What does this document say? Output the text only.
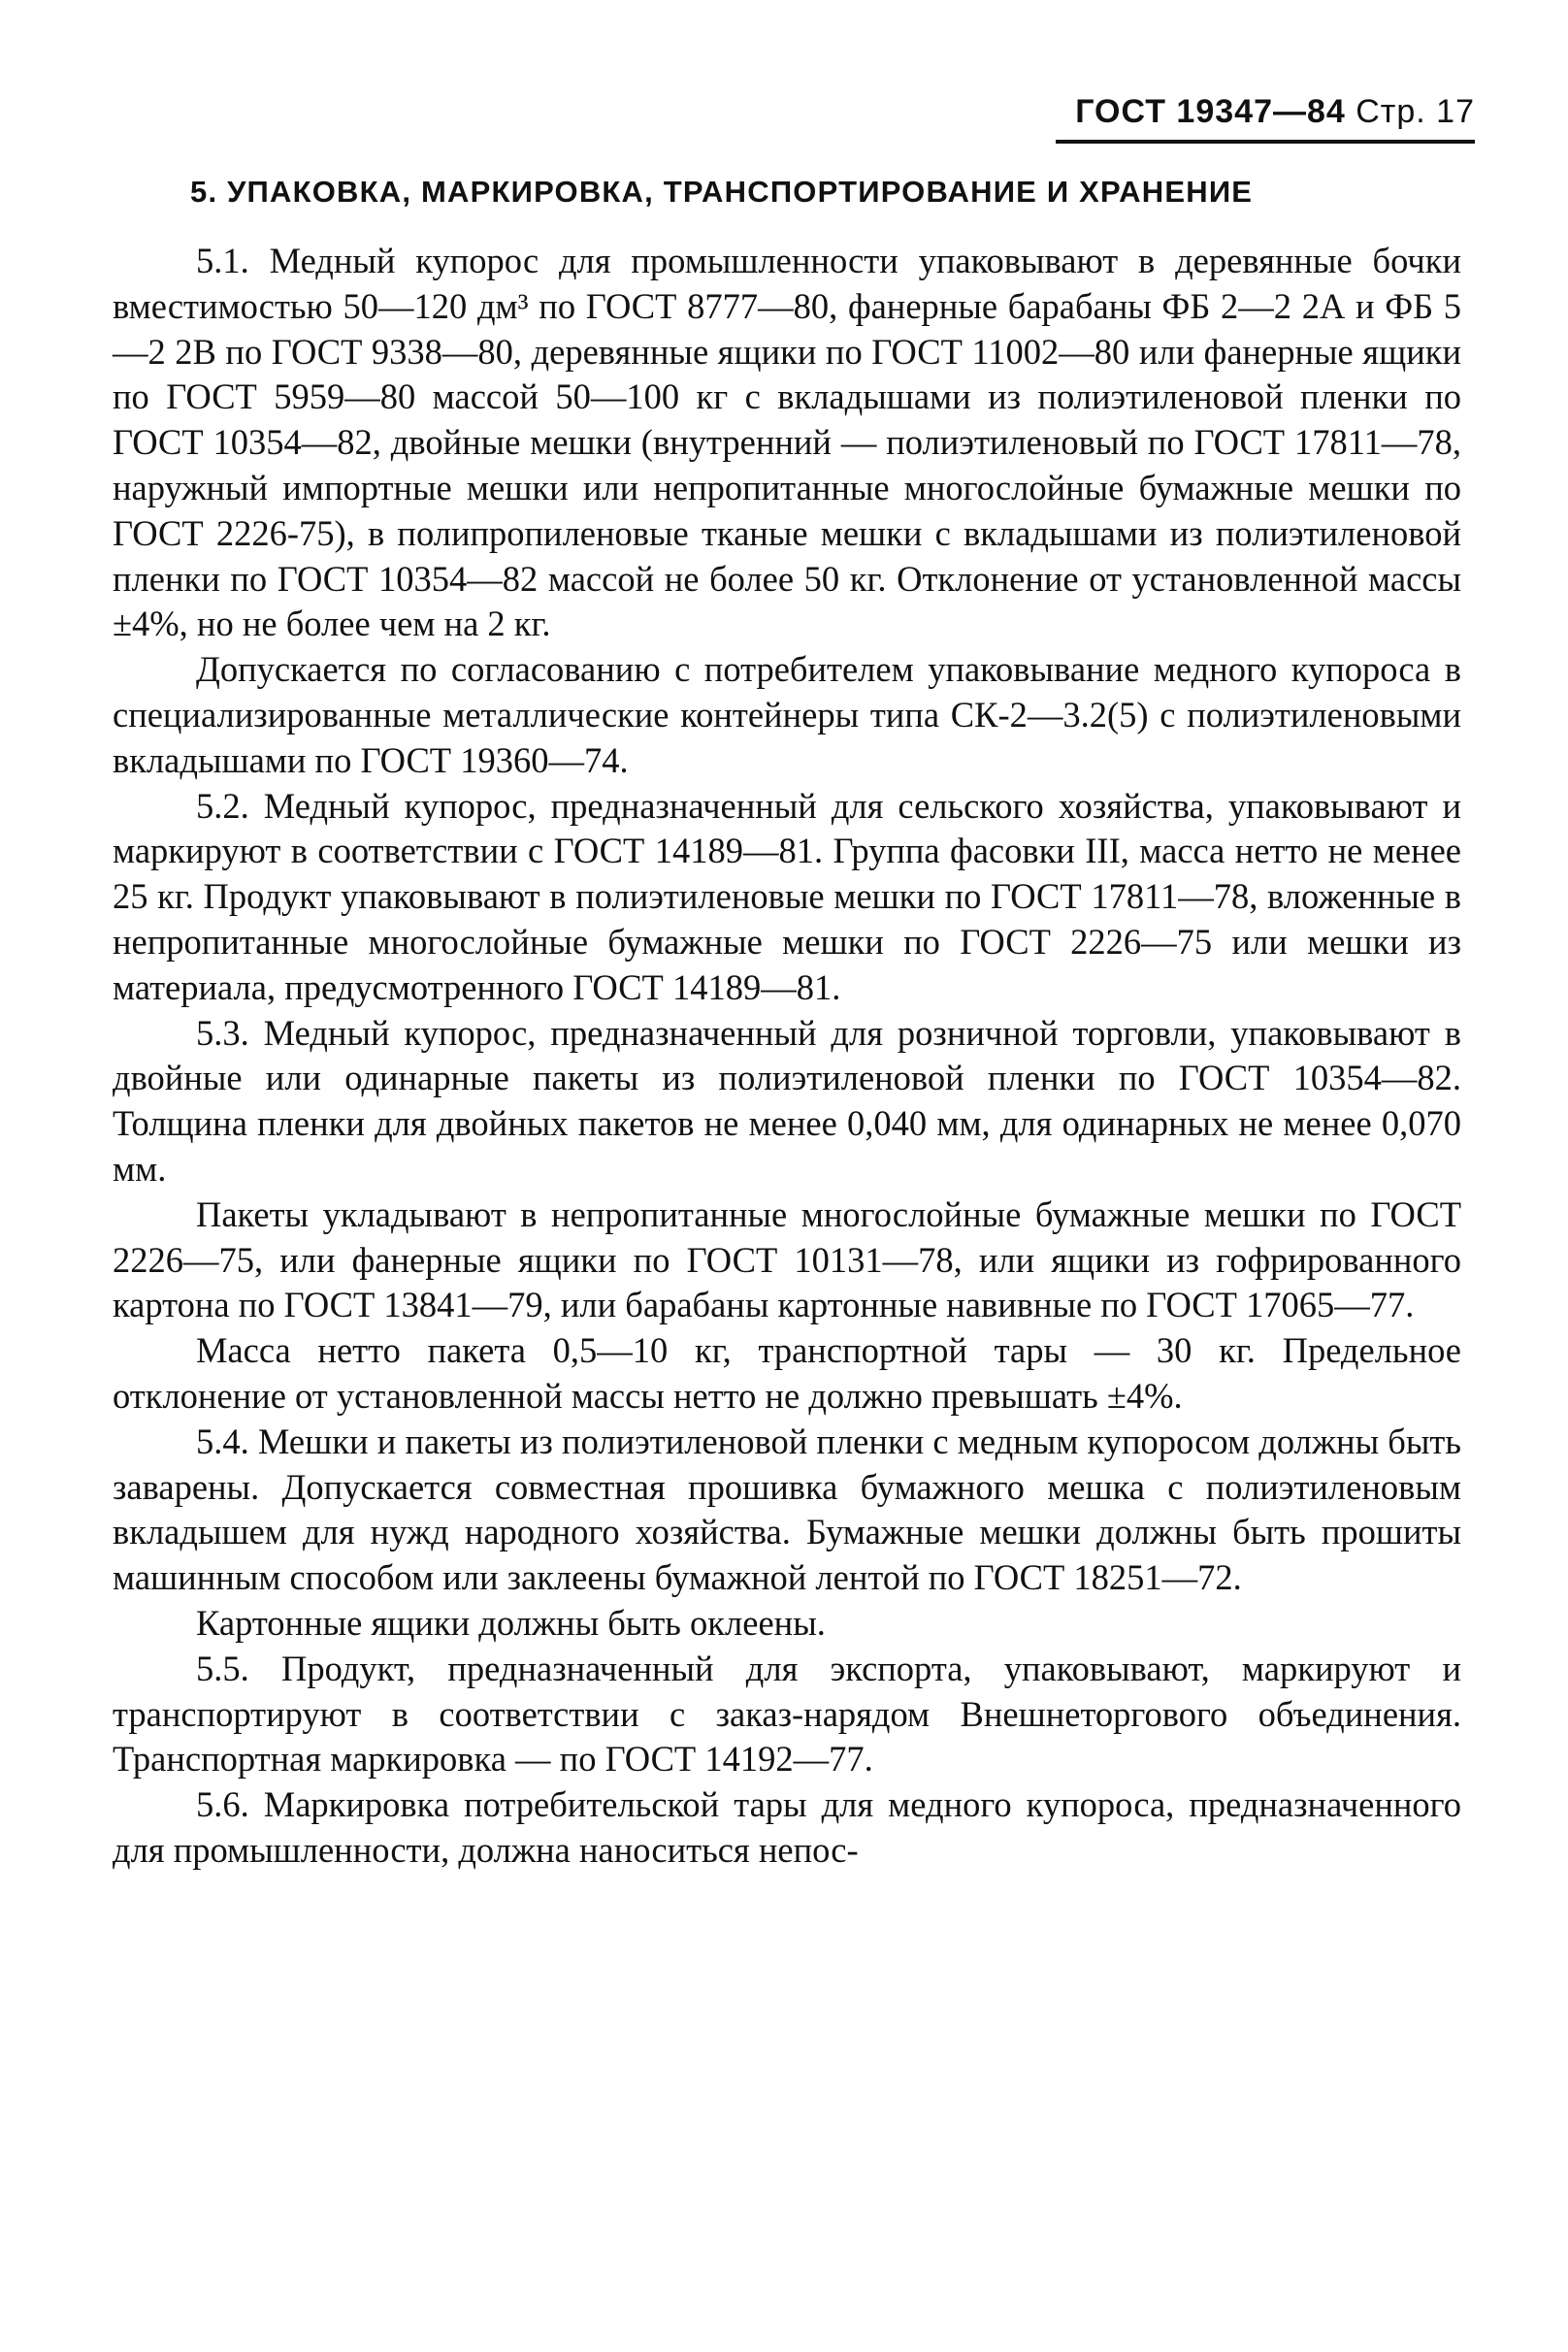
ГОСТ 19347—84 Стр. 17
5. УПАКОВКА, МАРКИРОВКА, ТРАНСПОРТИРОВАНИЕ И ХРАНЕНИЕ

5.1. Медный купорос для промышленности упаковывают в деревянные бочки вместимостью 50—120 дм³ по ГОСТ 8777—80, фанерные барабаны ФБ 2—2 2А и ФБ 5—2 2В по ГОСТ 9338—80, деревянные ящики по ГОСТ 11002—80 или фанерные ящики по ГОСТ 5959—80 массой 50—100 кг с вкладышами из полиэтиленовой пленки по ГОСТ 10354—82, двойные мешки (внутренний — полиэтиленовый по ГОСТ 17811—78, наружный импортные мешки или непропитанные многослойные бумажные мешки по ГОСТ 2226-75), в полипропиленовые тканые мешки с вкладышами из полиэтиленовой пленки по ГОСТ 10354—82 массой не более 50 кг. Отклонение от установленной массы ±4%, но не более чем на 2 кг.

Допускается по согласованию с потребителем упаковывание медного купороса в специализированные металлические контейнеры типа СК-2—3.2(5) с полиэтиленовыми вкладышами по ГОСТ 19360—74.

5.2. Медный купорос, предназначенный для сельского хозяйства, упаковывают и маркируют в соответствии с ГОСТ 14189—81. Группа фасовки III, масса нетто не менее 25 кг. Продукт упаковывают в полиэтиленовые мешки по ГОСТ 17811—78, вложенные в непропитанные многослойные бумажные мешки по ГОСТ 2226—75 или мешки из материала, предусмотренного ГОСТ 14189—81.

5.3. Медный купорос, предназначенный для розничной торговли, упаковывают в двойные или одинарные пакеты из полиэтиленовой пленки по ГОСТ 10354—82. Толщина пленки для двойных пакетов не менее 0,040 мм, для одинарных не менее 0,070 мм.

Пакеты укладывают в непропитанные многослойные бумажные мешки по ГОСТ 2226—75, или фанерные ящики по ГОСТ 10131—78, или ящики из гофрированного картона по ГОСТ 13841—79, или барабаны картонные навивные по ГОСТ 17065—77.

Масса нетто пакета 0,5—10 кг, транспортной тары — 30 кг. Предельное отклонение от установленной массы нетто не должно превышать ±4%.

5.4. Мешки и пакеты из полиэтиленовой пленки с медным купоросом должны быть заварены. Допускается совместная прошивка бумажного мешка с полиэтиленовым вкладышем для нужд народного хозяйства. Бумажные мешки должны быть прошиты машинным способом или заклеены бумажной лентой по ГОСТ 18251—72.

Картонные ящики должны быть оклеены.

5.5. Продукт, предназначенный для экспорта, упаковывают, маркируют и транспортируют в соответствии с заказ-нарядом Внешнеторгового объединения. Транспортная маркировка — по ГОСТ 14192—77.

5.6. Маркировка потребительской тары для медного купороса, предназначенного для промышленности, должна наноситься непос-
